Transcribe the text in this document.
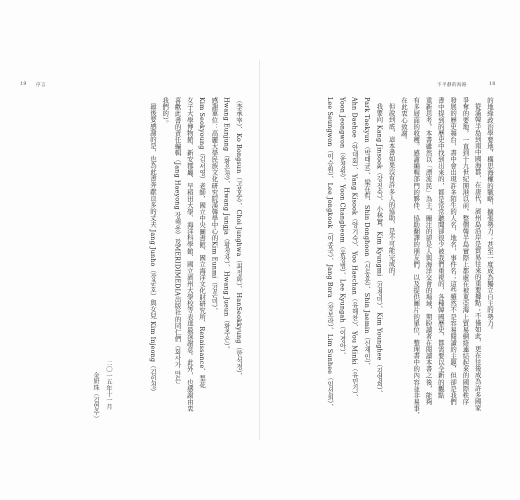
19 序言	不平靜的海路	18
的地緣政治學要地，構思海權的戰略，擴張勢力；甚至一度成為獨立自主的勢力。
從滿韓半島到南中國海都，在唐代，濟州島沿岸是貿易往來的重要據點；不僅如此，更在往後成為許多國家
爭奪的要地。一直到十九世紀開港以前，整個韓半島實際上都處在被東亞海上貿易網絡連結起來的國際秩序
發展的歷史舞台，書中會出現許多陌生的人名，地名，事件名；這些雖然不是容易閱讀的主題，但卻是我們
書中提到的歷史中找到出來的，都是常常聽聞卻很少被我們重視的，各種韓國歷史，都需要以全新的觀點
重新思考。本書雖然以「漂流民」為主，關注的卻是人與海洋交會的場域，期盼讀者在閱讀本書之後，能夠
有多層面的收穫。感謝編輯部門的夥伴、協助翻譯的朋友們、以及提供圖片的單位，整理書中的內容並非易事，
在此衷心致謝。
但說到底，這本書如果沒有許多人的協助，是不可能完成的。
我要向 Kang Jinsook（강진숙）、小林實、Kim Kyungmi（김경미）、Kim Younghee（김영희）、
Park Taekyun（박태균）、梁在哲、Shin Donghoon（신동훈）、Shin Jaemin（신재민）、
Ahn Daehoe（안대회）、Yang Kisook（양기숙）、Yoo Haechan（유해찬）、You Minki（유민기）、
Yoon Jeongwon（윤정원）、Yoon Changbeom（윤창범）、Lee Kyungah（이경아）、
Lee Seungwon（이승원）、Lee Jongkook（이종국）、Jang Bora（장보라）、Lim Sunhee（임선희）、
（李承宰）、Ko Bongsun（고봉순）、Choi Junghwa（최정화）、HanSeokkyung（한석경）、
Hwang Eunjung（황은정）、Hwang Jungja（황정자）、Hwang Jueun（황주은）。
感謝單位：高麗大學民族文化研究院漢韓學中心的Kim Eunmi（김은미）、
Kim Seokyoung（김서영）老師，國立中央圖書館、國立海洋文化財研究所、Renaissance、梨花
女子大學博物館、新安郡廳、早稻田大學、海洋科學館、國立濟州大學校等表達最深謝意。此外，也感謝由衷
喜歡此書的責任編輯（Jang Haeyong 장해용）及MERIDIMEDIA出版社的同仁們（회사가 만든
我們的）。
最後要感謝的是，也為此書奔獻良多的丈夫 Jang Junho（장준호）與女兒 Kim Injeong（김인정）
二〇一五年十一月
金妍珠（김연주）
